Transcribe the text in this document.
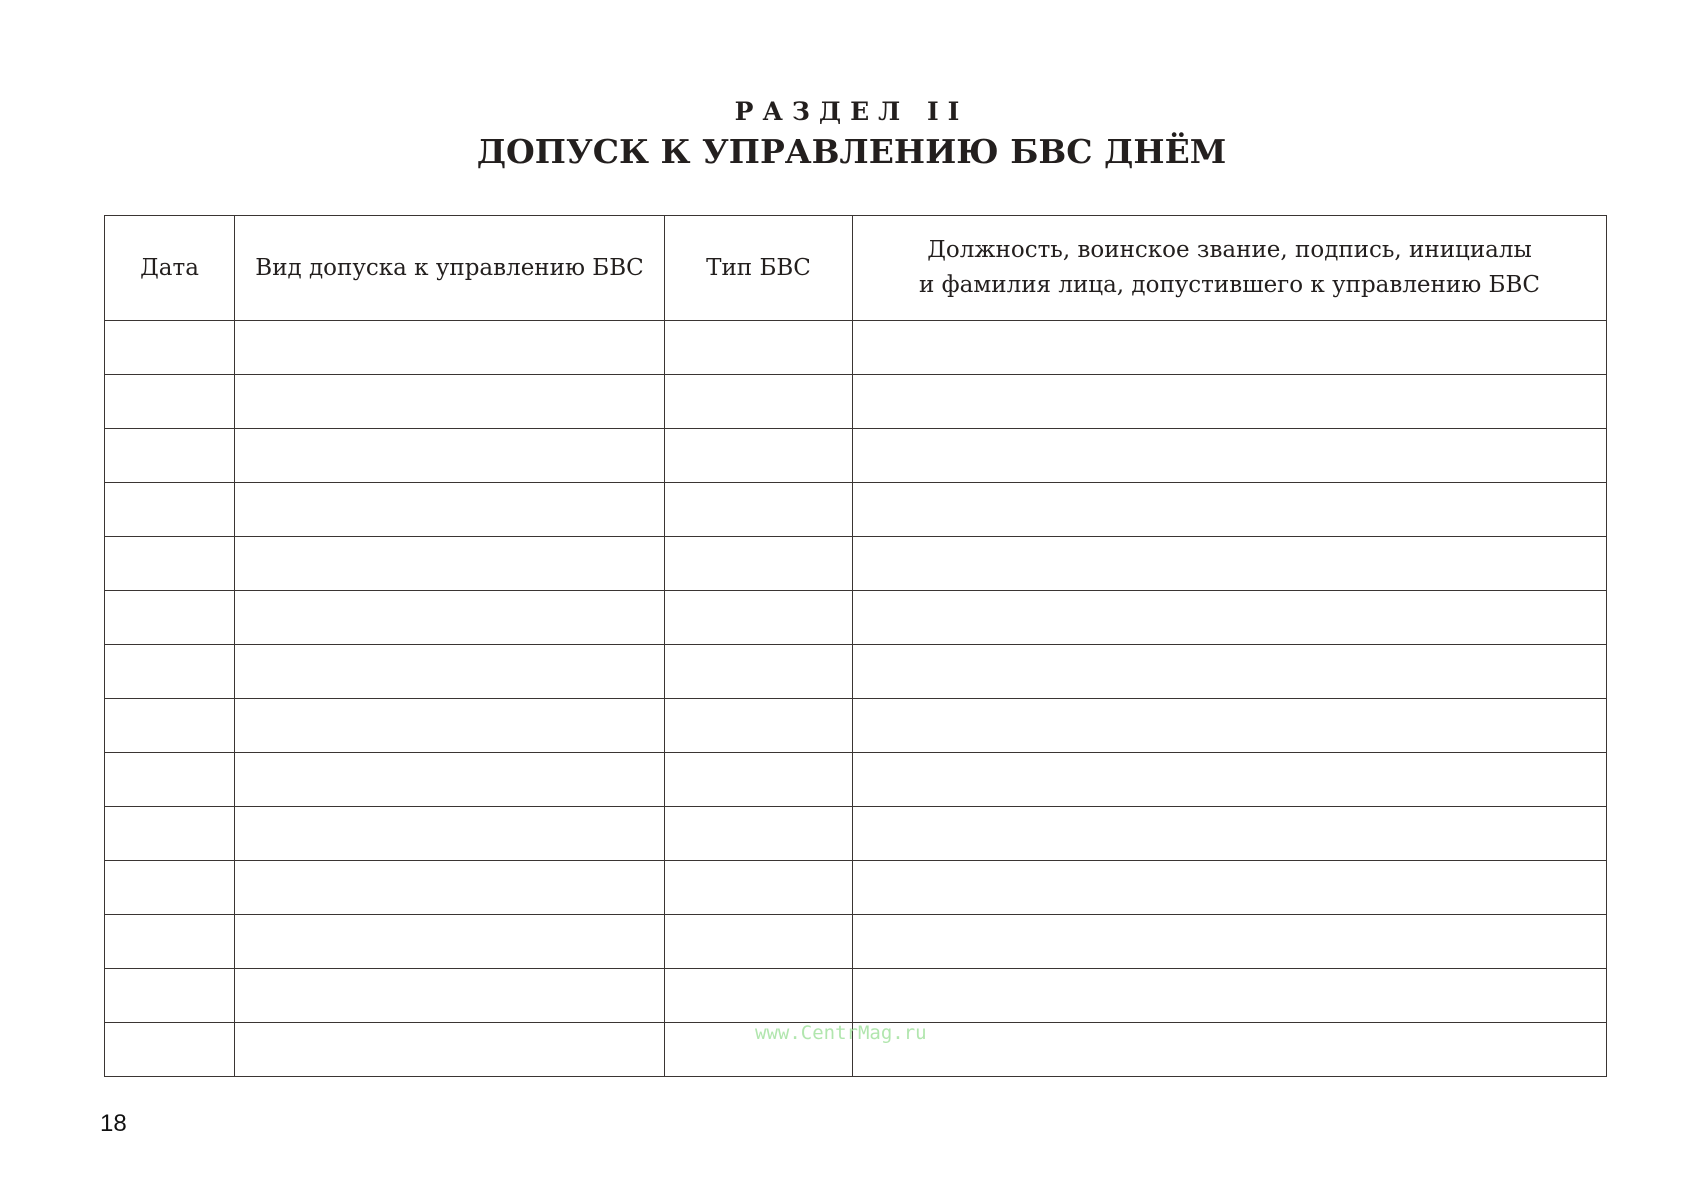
РАЗДЕЛ II
ДОПУСК К УПРАВЛЕНИЮ БВС ДНЁМ
Дата	Вид допуска к управлению БВС	Тип БВС	Должность, воинское звание, подпись, инициалы
и фамилия лица, допустившего к управлению БВС

www.CentrMag.ru
18
